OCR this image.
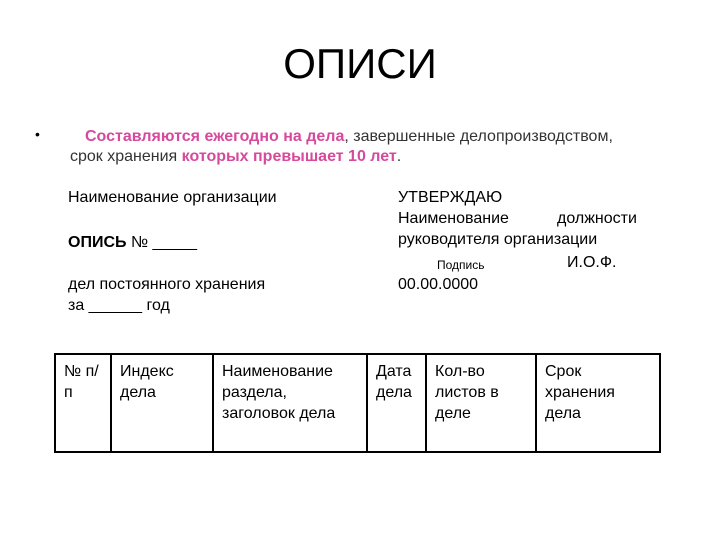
ОПИСИ
•	Составляются ежегодно на дела, завершенные делопроизводством,
срок хранения которых превышает 10 лет.
Наименование организации
ОПИСЬ № _____
дел постоянного хранения
за ______ год
УТВЕРЖДАЮ
Наименование	должности
руководителя организации
Подпись	И.О.Ф.
00.00.0000
№ п/п	Индекс дела	Наименование раздела, заголовок дела	Дата дела	Кол-во листов в деле	Срок хранения дела
